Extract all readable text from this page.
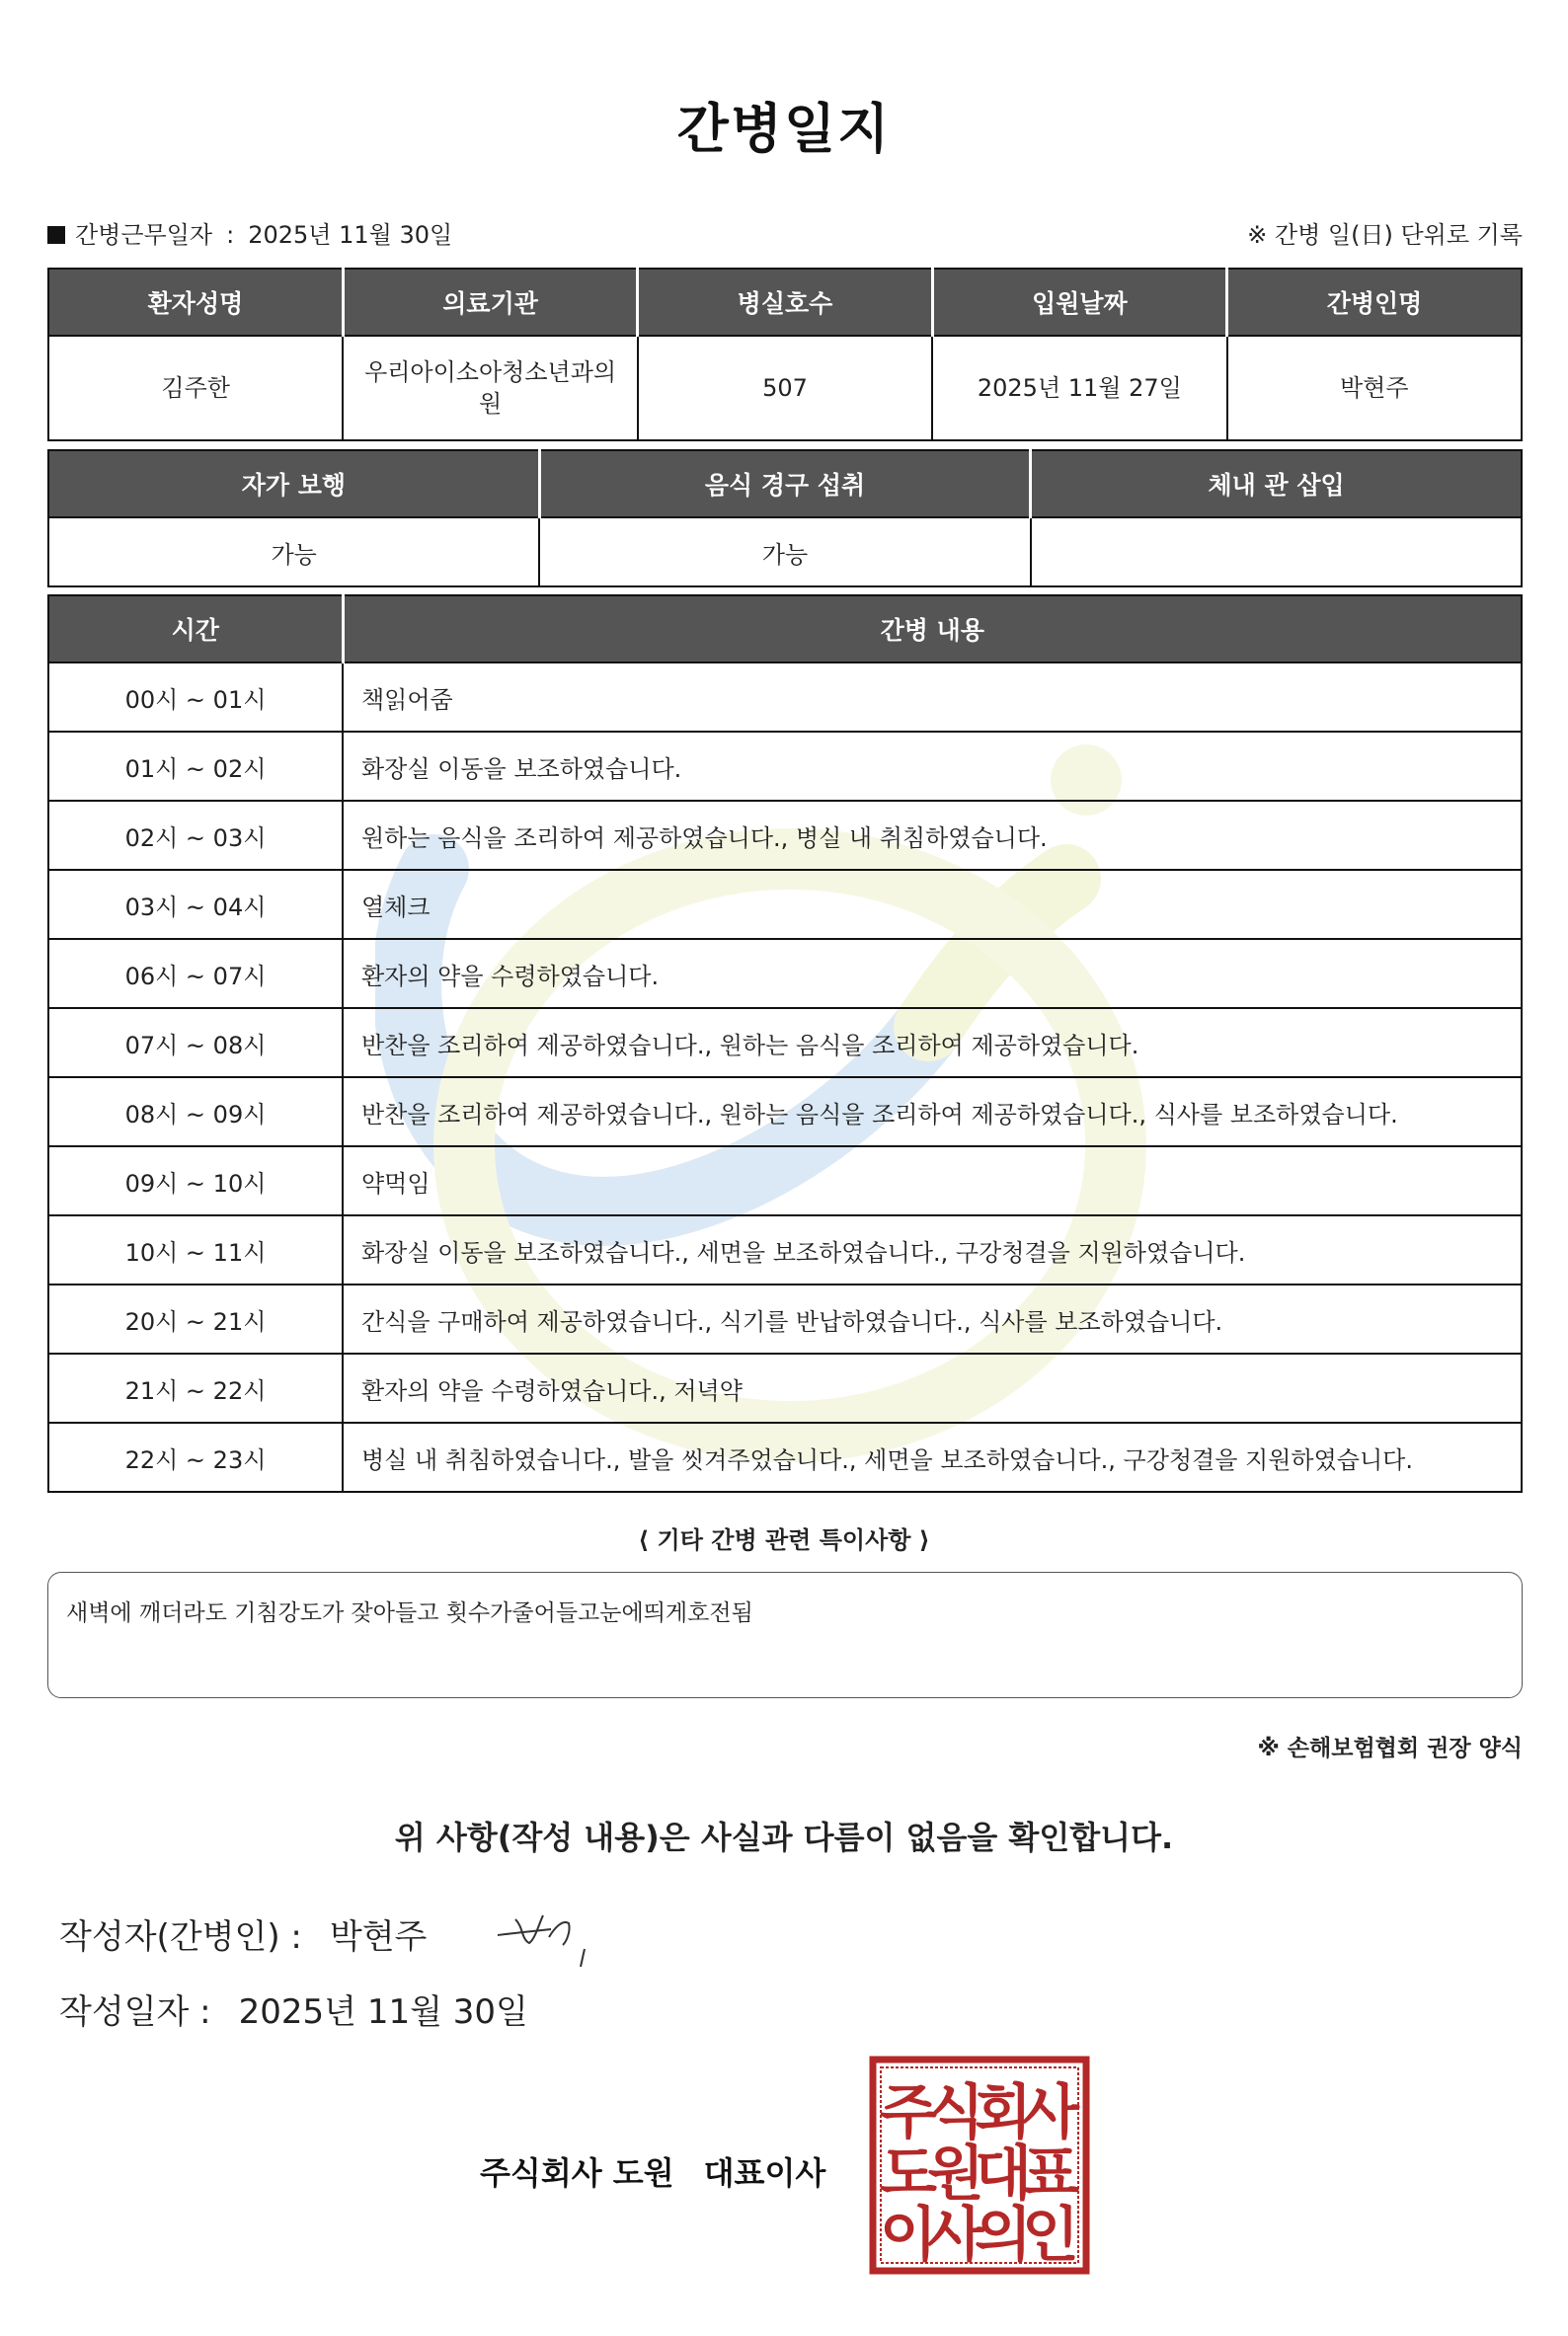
간병일지
간병근무일자 : 2025년 11월 30일	※ 간병 일(日) 단위로 기록
환자성명	의료기관	병실호수	입원날짜	간병인명
김주한	우리아이소아청소년과의원	507	2025년 11월 27일	박현주
자가 보행	음식 경구 섭취	체내 관 삽입
가능	가능	
시간	간병 내용
00시 ~ 01시	책읽어줌
01시 ~ 02시	화장실 이동을 보조하였습니다.
02시 ~ 03시	원하는 음식을 조리하여 제공하였습니다., 병실 내 취침하였습니다.
03시 ~ 04시	열체크
06시 ~ 07시	환자의 약을 수령하였습니다.
07시 ~ 08시	반찬을 조리하여 제공하였습니다., 원하는 음식을 조리하여 제공하였습니다.
08시 ~ 09시	반찬을 조리하여 제공하였습니다., 원하는 음식을 조리하여 제공하였습니다., 식사를 보조하였습니다.
09시 ~ 10시	약먹임
10시 ~ 11시	화장실 이동을 보조하였습니다., 세면을 보조하였습니다., 구강청결을 지원하였습니다.
20시 ~ 21시	간식을 구매하여 제공하였습니다., 식기를 반납하였습니다., 식사를 보조하였습니다.
21시 ~ 22시	환자의 약을 수령하였습니다., 저녁약
22시 ~ 23시	병실 내 취침하였습니다., 발을 씻겨주었습니다., 세면을 보조하였습니다., 구강청결을 지원하였습니다.
⟨ 기타 간병 관련 특이사항 ⟩
새벽에 깨더라도 기침강도가 잦아들고 횟수가줄어들고눈에띄게호전됨
※ 손해보험협회 권장 양식
위 사항(작성 내용)은 사실과 다름이 없음을 확인합니다.
작성자(간병인) : 박현주
작성일자 : 2025년 11월 30일
주식회사 도원 대표이사
주
식
회
사
도
원
대
표
이
사
의
인
